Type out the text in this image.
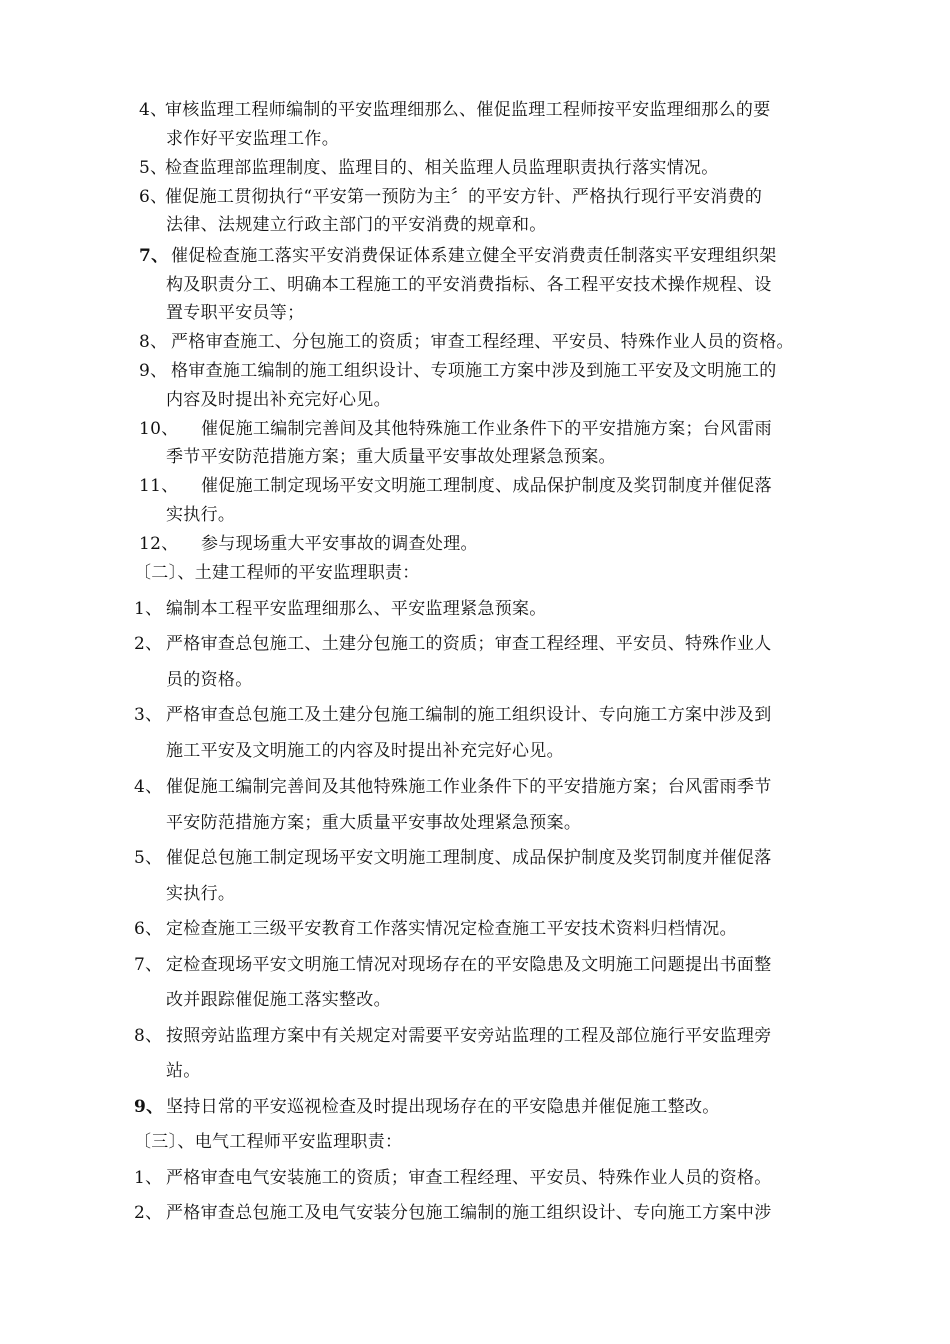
4、审核监理工程师编制的平安监理细那么、催促监理工程师按平安监理细那么的要
求作好平安监理工作。
5、检查监理部监理制度、监理目的、相关监理人员监理职责执行落实情况。
6、催促施工贯彻执行“平安第一预防为主〞的平安方针、严格执行现行平安消费的
法律、法规建立行政主部门的平安消费的规章和。
7、 催促检查施工落实平安消费保证体系建立健全平安消费责任制落实平安理组织架
构及职责分工、明确本工程施工的平安消费指标、各工程平安技术操作规程、设
置专职平安员等；
8、 严格审查施工、分包施工的资质；审查工程经理、平安员、特殊作业人员的资格。
9、 格审查施工编制的施工组织设计、专项施工方案中涉及到施工平安及文明施工的
内容及时提出补充完好心见。
10、 催促施工编制完善间及其他特殊施工作业条件下的平安措施方案；台风雷雨
季节平安防范措施方案；重大质量平安事故处理紧急预案。
11、 催促施工制定现场平安文明施工理制度、成品保护制度及奖罚制度并催促落
实执行。
12、 参与现场重大平安事故的调查处理。
〔二〕、土建工程师的平安监理职责：
1、 编制本工程平安监理细那么、平安监理紧急预案。
2、 严格审查总包施工、土建分包施工的资质；审查工程经理、平安员、特殊作业人
员的资格。
3、 严格审查总包施工及土建分包施工编制的施工组织设计、专向施工方案中涉及到
施工平安及文明施工的内容及时提出补充完好心见。
4、 催促施工编制完善间及其他特殊施工作业条件下的平安措施方案；台风雷雨季节
平安防范措施方案；重大质量平安事故处理紧急预案。
5、 催促总包施工制定现场平安文明施工理制度、成品保护制度及奖罚制度并催促落
实执行。
6、 定检查施工三级平安教育工作落实情况定检查施工平安技术资料归档情况。
7、 定检查现场平安文明施工情况对现场存在的平安隐患及文明施工问题提出书面整
改并跟踪催促施工落实整改。
8、 按照旁站监理方案中有关规定对需要平安旁站监理的工程及部位施行平安监理旁
站。
9、 坚持日常的平安巡视检查及时提出现场存在的平安隐患并催促施工整改。
〔三〕、电气工程师平安监理职责：
1、 严格审查电气安装施工的资质；审查工程经理、平安员、特殊作业人员的资格。
2、 严格审查总包施工及电气安装分包施工编制的施工组织设计、专向施工方案中涉
